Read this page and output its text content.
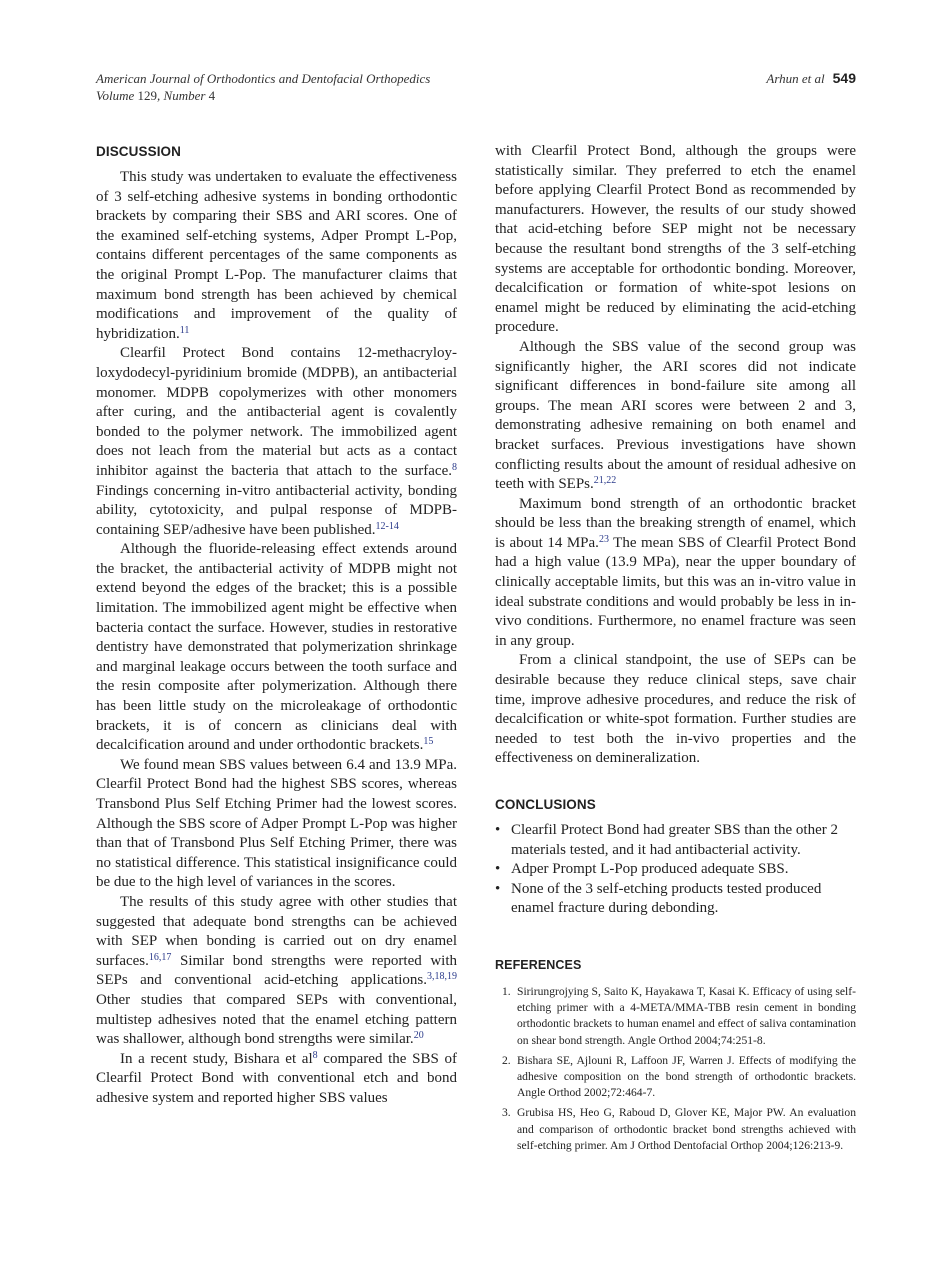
American Journal of Orthodontics and Dentofacial Orthopedics
Volume 129, Number 4
Arhun et al 549
DISCUSSION

This study was undertaken to evaluate the effectiveness of 3 self-etching adhesive systems in bonding orthodontic brackets by comparing their SBS and ARI scores. One of the examined self-etching systems, Adper Prompt L-Pop, contains different percentages of the same components as the original Prompt L-Pop. The manufacturer claims that maximum bond strength has been achieved by chemical modifications and improvement of the quality of hybridization.$^{11}$

Clearfil Protect Bond contains 12-methacryloyloxydodecyl-pyridinium bromide (MDPB), an antibacterial monomer. MDPB copolymerizes with other monomers after curing, and the antibacterial agent is covalently bonded to the polymer network. The immobilized agent does not leach from the material but acts as a contact inhibitor against the bacteria that attach to the surface.$^8$ Findings concerning in-vitro antibacterial activity, bonding ability, cytotoxicity, and pulpal response of MDPB-containing SEP/adhesive have been published.$^{12-14}$

Although the fluoride-releasing effect extends around the bracket, the antibacterial activity of MDPB might not extend beyond the edges of the bracket; this is a possible limitation. The immobilized agent might be effective when bacteria contact the surface. However, studies in restorative dentistry have demonstrated that polymerization shrinkage and marginal leakage occurs between the tooth surface and the resin composite after polymerization. Although there has been little study on the microleakage of orthodontic brackets, it is of concern as clinicians deal with decalcification around and under orthodontic brackets.$^{15}$

We found mean SBS values between 6.4 and 13.9 MPa. Clearfil Protect Bond had the highest SBS scores, whereas Transbond Plus Self Etching Primer had the lowest scores. Although the SBS score of Adper Prompt L-Pop was higher than that of Transbond Plus Self Etching Primer, there was no statistical difference. This statistical insignificance could be due to the high level of variances in the scores.

The results of this study agree with other studies that suggested that adequate bond strengths can be achieved with SEP when bonding is carried out on dry enamel surfaces.$^{16,17}$ Similar bond strengths were reported with SEPs and conventional acid-etching applications.$^{3,18,19}$ Other studies that compared SEPs with conventional, multistep adhesives noted that the enamel etching pattern was shallower, although bond strengths were similar.$^{20}$

In a recent study, Bishara et $al^8$ compared the SBS of Clearfil Protect Bond with conventional etch and bond adhesive system and reported higher SBS values

with Clearfil Protect Bond, although the groups were statistically similar. They preferred to etch the enamel before applying Clearfil Protect Bond as recommended by manufacturers. However, the results of our study showed that acid-etching before SEP might not be necessary because the resultant bond strengths of the 3 self-etching systems are acceptable for orthodontic bonding. Moreover, decalcification or formation of white-spot lesions on enamel might be reduced by eliminating the acid-etching procedure.

Although the SBS value of the second group was significantly higher, the ARI scores did not indicate significant differences in bond-failure site among all groups. The mean ARI scores were between 2 and 3, demonstrating adhesive remaining on both enamel and bracket surfaces. Previous investigations have shown conflicting results about the amount of residual adhesive on teeth with SEPs.$^{21,22}$

Maximum bond strength of an orthodontic bracket should be less than the breaking strength of enamel, which is about 14 MPa.$^{23}$ The mean SBS of Clearfil Protect Bond had a high value (13.9 MPa), near the upper boundary of clinically acceptable limits, but this was an in-vitro value in ideal substrate conditions and would probably be less in in-vivo conditions. Furthermore, no enamel fracture was seen in any group.

From a clinical standpoint, the use of SEPs can be desirable because they reduce clinical steps, save chair time, improve adhesive procedures, and reduce the risk of decalcification or white-spot formation. Further studies are needed to test both the in-vivo properties and the effectiveness on demineralization.

CONCLUSIONS
• Clearfil Protect Bond had greater SBS than the other 2 materials tested, and it had antibacterial activity.
• Adper Prompt L-Pop produced adequate SBS.
• None of the 3 self-etching products tested produced enamel fracture during debonding.
REFERENCES
1. Sirirungrojying S, Saito K, Hayakawa T, Kasai K. Efficacy of using self-etching primer with a 4-META/MMA-TBB resin cement in bonding orthodontic brackets to human enamel and effect of saliva contamination on shear bond strength. Angle Orthod 2004;74:251-8.
2. Bishara SE, Ajlouni R, Laffoon JF, Warren J. Effects of modifying the adhesive composition on the bond strength of orthodontic brackets. Angle Orthod 2002;72:464-7.
3. Grubisa HS, Heo G, Raboud D, Glover KE, Major PW. An evaluation and comparison of orthodontic bracket bond strengths achieved with self-etching primer. Am J Orthod Dentofacial Orthop 2004;126:213-9.
